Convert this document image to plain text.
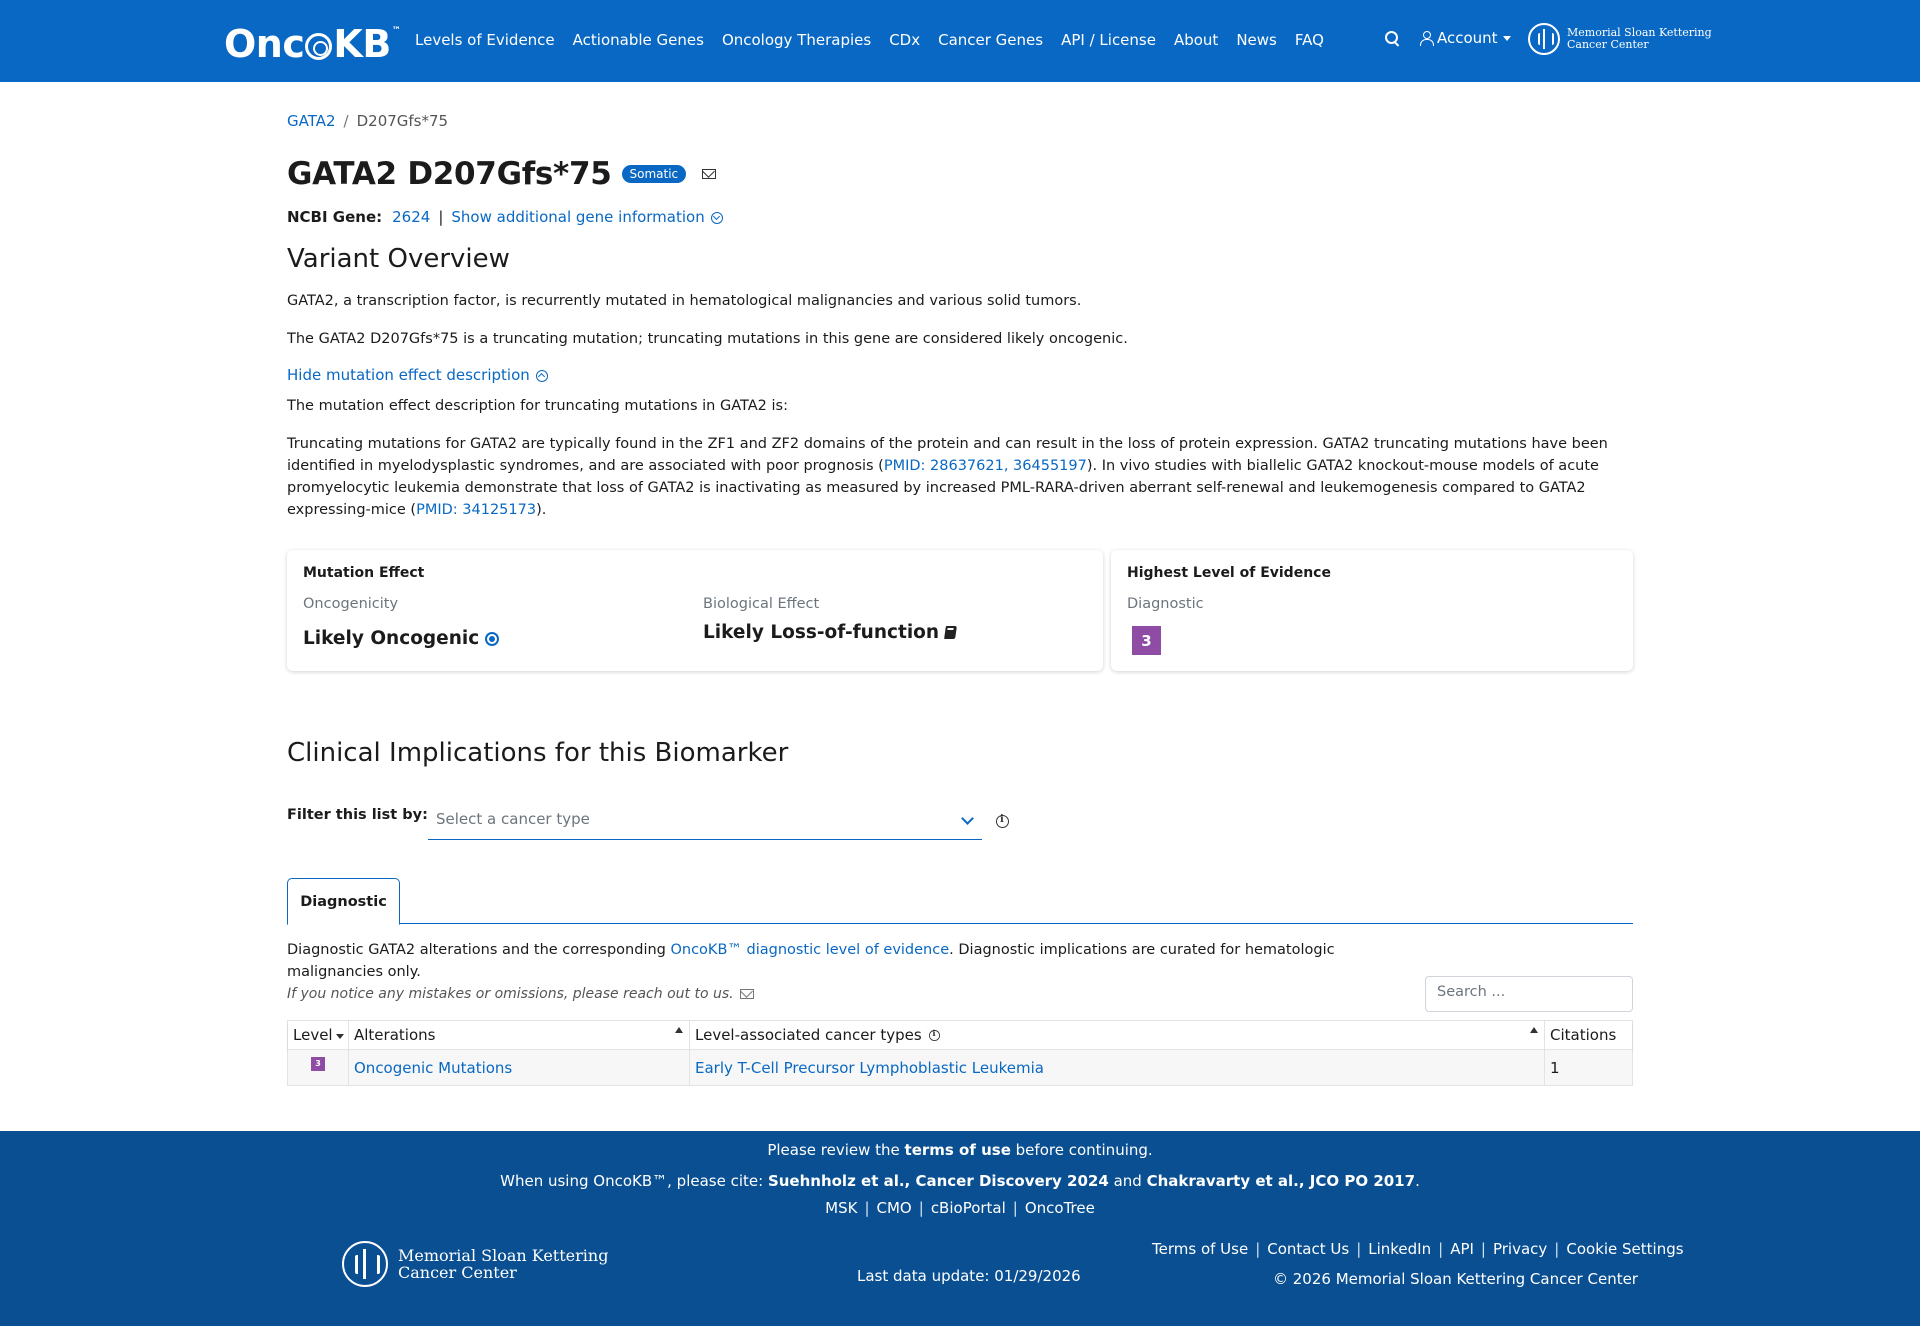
Onc KB ™ Levels of Evidence Actionable Genes Oncology Therapies CDx Cancer Genes API / License About News FAQ	Account	Memorial Sloan Kettering
Cancer Center
GATA2 / D207Gfs*75
GATA2 D207Gfs*75	Somatic
NCBI Gene: 2624 | Show additional gene information
Variant Overview
GATA2, a transcription factor, is recurrently mutated in hematological malignancies and various solid tumors.
The GATA2 D207Gfs*75 is a truncating mutation; truncating mutations in this gene are considered likely oncogenic.
Hide mutation effect description
The mutation effect description for truncating mutations in GATA2 is:
Truncating mutations for GATA2 are typically found in the ZF1 and ZF2 domains of the protein and can result in the loss of protein expression. GATA2 truncating mutations have been identified in myelodysplastic syndromes, and are associated with poor prognosis (PMID: 28637621, 36455197). In vivo studies with biallelic GATA2 knockout-mouse models of acute promyelocytic leukemia demonstrate that loss of GATA2 is inactivating as measured by increased PML-RARA-driven aberrant self-renewal and leukemogenesis compared to GATA2 expressing-mice (PMID: 34125173).
Mutation Effect
Oncogenicity
Likely Oncogenic
Biological Effect
Likely Loss-of-function
Highest Level of Evidence
Diagnostic
3
Clinical Implications for this Biomarker
Filter this list by: Select a cancer type
i
Diagnostic
Diagnostic GATA2 alterations and the corresponding OncoKB™ diagnostic level of evidence. Diagnostic implications are curated for hematologic malignancies only.
If you notice any mistakes or omissions, please reach out to us.	Search ...
Level Alterations	Level-associated cancer types
i	Citations
3 Oncogenic Mutations	Early T-Cell Precursor Lymphoblastic Leukemia	1
Please review the terms of use before continuing.
When using OncoKB™, please cite: Suehnholz et al., Cancer Discovery 2024 and Chakravarty et al., JCO PO 2017.
MSK | CMO | cBioPortal | OncoTree
Memorial Sloan Kettering
Cancer Center	Last data update: 01/29/2026
Terms of Use | Contact Us | LinkedIn | API | Privacy | Cookie Settings
© 2026 Memorial Sloan Kettering Cancer Center
